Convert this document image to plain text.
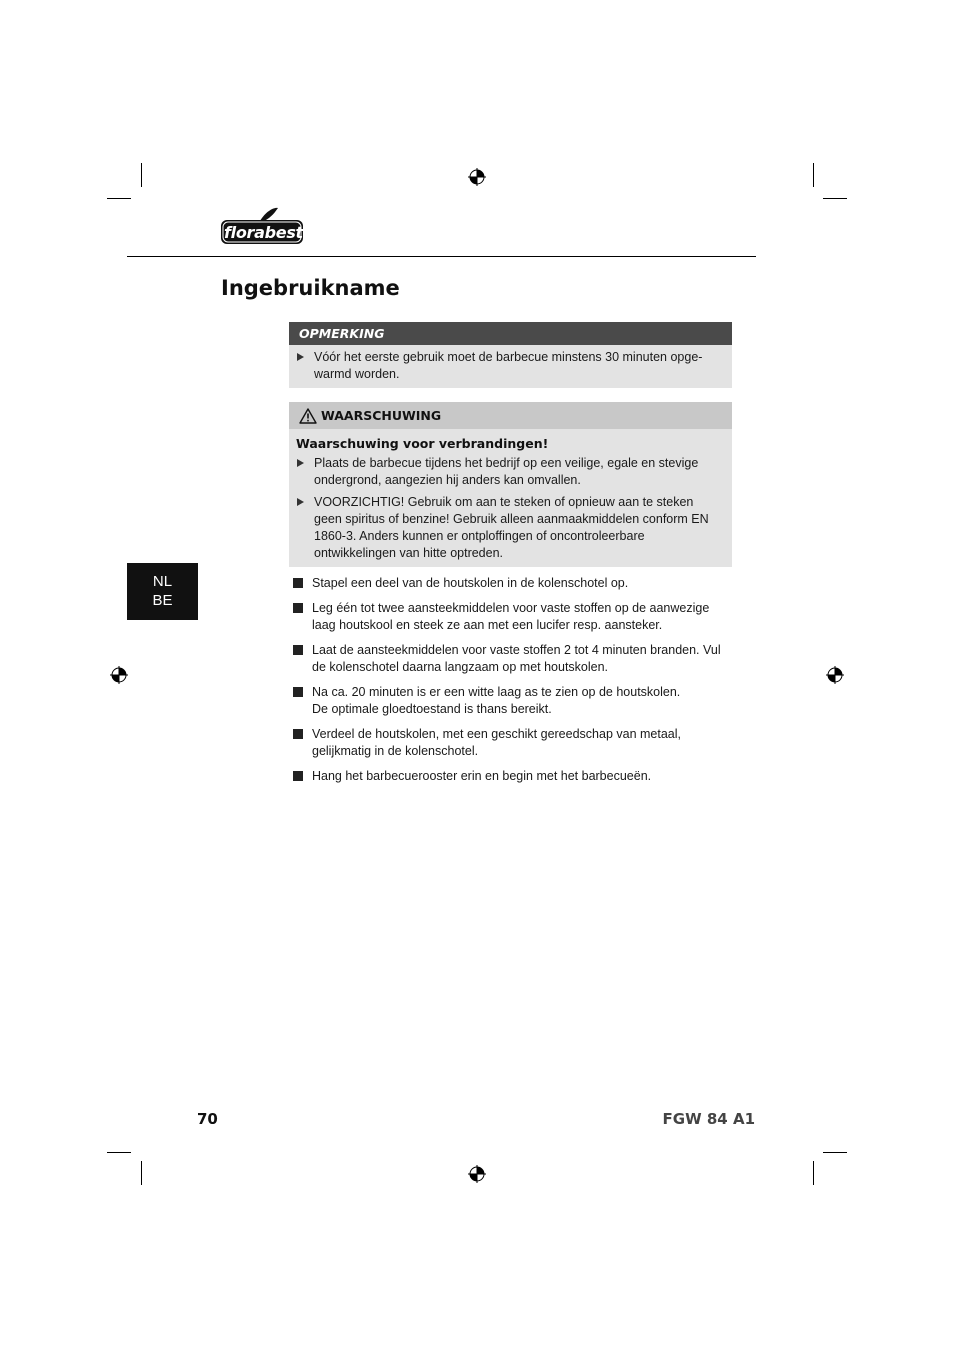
florabest
Ingebruikname
OPMERKING
Vóór het eerste gebruik moet de barbecue minstens 30 minuten opge-
warmd worden.
WAARSCHUWING
Waarschuwing voor verbrandingen!
Plaats de barbecue tijdens het bedrijf op een veilige, egale en stevige ondergrond, aangezien hij anders kan omvallen.
VOORZICHTIG! Gebruik om aan te steken of opnieuw aan te steken geen spiritus of benzine! Gebruik alleen aanmaakmiddelen conform EN 1860-3. Anders kunnen er ontploffingen of oncontroleerbare ontwikkelingen van hitte optreden.
NL
BE
Stapel een deel van de houtskolen in de kolenschotel op.
Leg één tot twee aansteekmiddelen voor vaste stoffen op de aanwezige laag houtskool en steek ze aan met een lucifer resp. aansteker.
Laat de aansteekmiddelen voor vaste stoffen 2 tot 4 minuten branden. Vul de kolenschotel daarna langzaam op met houtskolen.
Na ca. 20 minuten is er een witte laag as te zien op de houtskolen.
De optimale gloedtoestand is thans bereikt.
Verdeel de houtskolen, met een geschikt gereedschap van metaal, gelijkmatig in de kolenschotel.
Hang het barbecuerooster erin en begin met het barbecueën.
70	FGW 84 A1
